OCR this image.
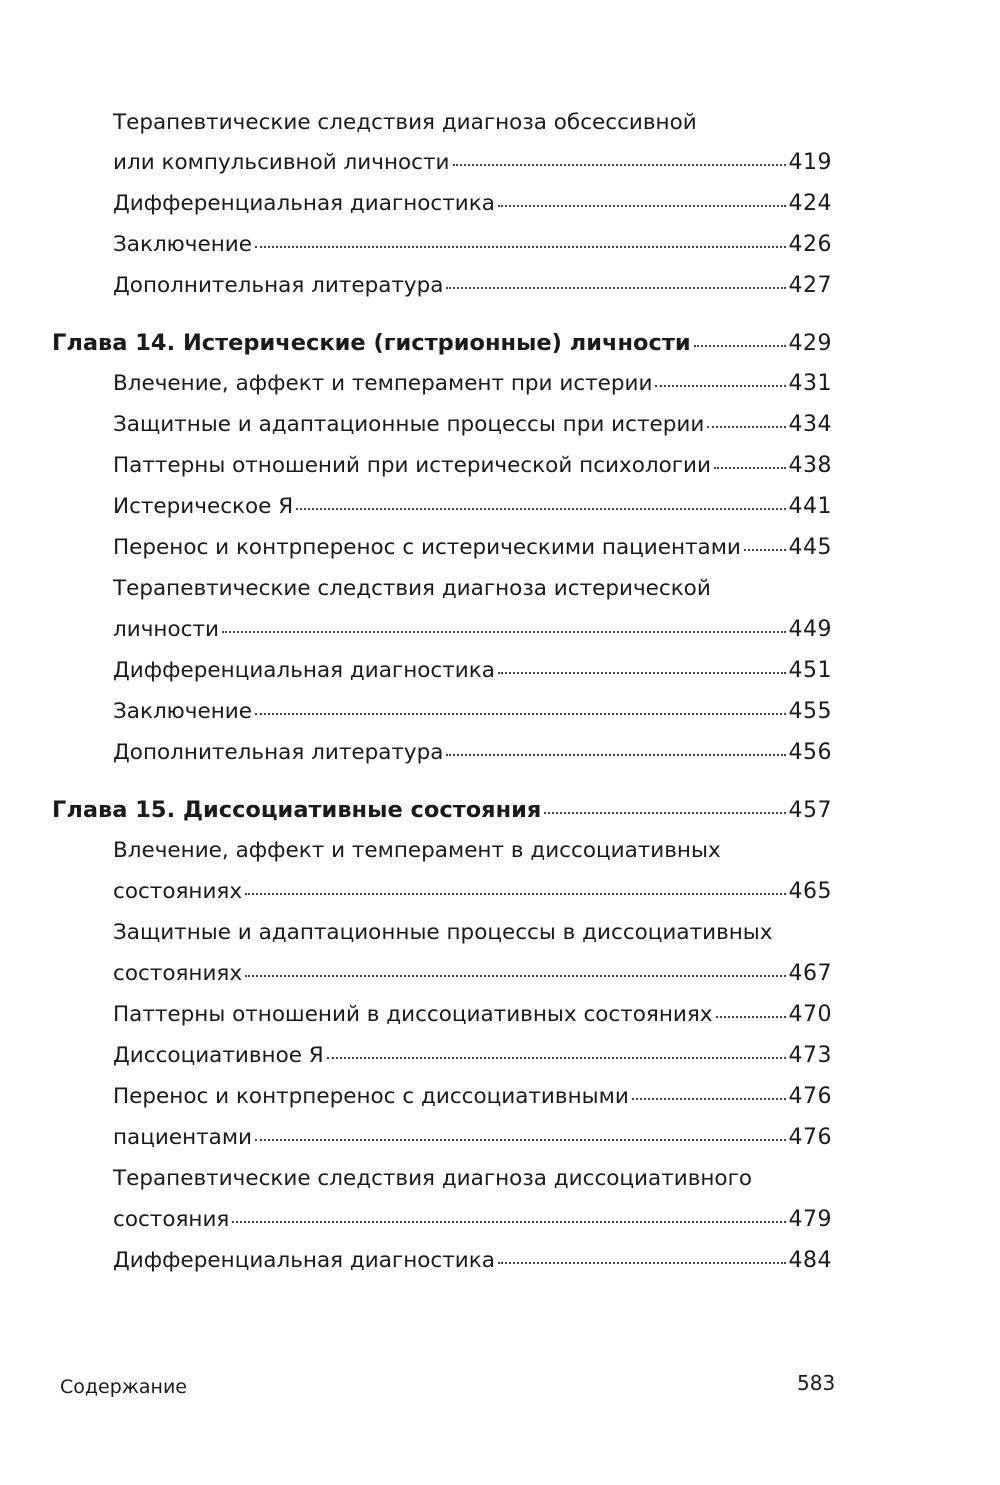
Терапевтические следствия диагноза обсессивной
или компульсивной личности	419
Дифференциальная диагностика	424
Заключение	426
Дополнительная литература	427
Глава 14. Истерические (гистрионные) личности	429
Влечение, аффект и темперамент при истерии	431
Защитные и адаптационные процессы при истерии	434
Паттерны отношений при истерической психологии	438
Истерическое Я	441
Перенос и контрперенос с истерическими пациентами 445
Терапевтические следствия диагноза истерической
личности	449
Дифференциальная диагностика	451
Заключение	455
Дополнительная литература	456
Глава 15. Диссоциативные состояния	457
Влечение, аффект и темперамент в диссоциативных
состояниях	465
Защитные и адаптационные процессы в диссоциативных
состояниях	467
Паттерны отношений в диссоциативных состояниях	470
Диссоциативное Я	473
Перенос и контрперенос с диссоциативными	476
пациентами	476
Терапевтические следствия диагноза диссоциативного
состояния	479
Дифференциальная диагностика	484
Содержание	583
